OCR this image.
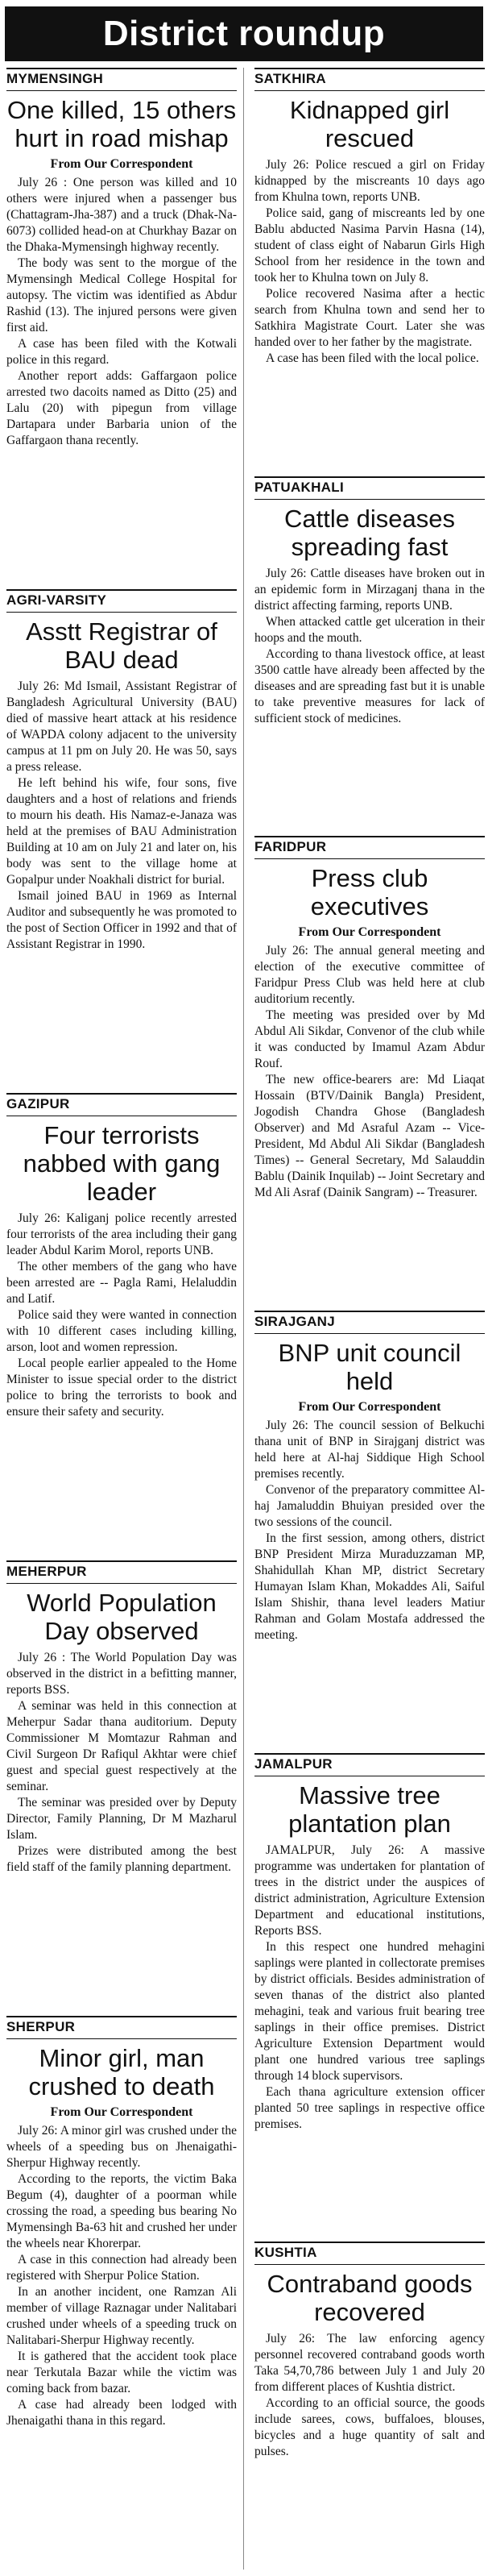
District roundup
MYMENSINGH
One killed, 15 others hurt in road mishap
From Our Correspondent

July 26 : One person was killed and 10 others were injured when a passenger bus (Chattagram-Jha-387) and a truck (Dhak-Na-6073) collided head-on at Churkhay Bazar on the Dhaka-Mymensingh highway recently.

The body was sent to the morgue of the Mymensingh Medical College Hospital for autopsy. The victim was identified as Abdur Rashid (13). The injured persons were given first aid.

A case has been filed with the Kotwali police in this regard.

Another report adds: Gaffargaon police arrested two dacoits named as Ditto (25) and Lalu (20) with pipegun from village Dartapara under Barbaria union of the Gaffargaon thana recently.

AGRI-VARSITY
Asstt Registrar of BAU dead

July 26: Md Ismail, Assistant Registrar of Bangladesh Agricultural University (BAU) died of massive heart attack at his residence of WAPDA colony adjacent to the university campus at 11 pm on July 20. He was 50, says a press release.

He left behind his wife, four sons, five daughters and a host of relations and friends to mourn his death. His Namaz-e-Janaza was held at the premises of BAU Administration Building at 10 am on July 21 and later on, his body was sent to the village home at Gopalpur under Noakhali district for burial.

Ismail joined BAU in 1969 as Internal Auditor and subsequently he was promoted to the post of Section Officer in 1992 and that of Assistant Registrar in 1990.

GAZIPUR
Four terrorists nabbed with gang leader

July 26: Kaliganj police recently arrested four terrorists of the area including their gang leader Abdul Karim Morol, reports UNB.

The other members of the gang who have been arrested are -- Pagla Rami, Helaluddin and Latif.

Police said they were wanted in connection with 10 different cases including killing, arson, loot and women repression.

Local people earlier appealed to the Home Minister to issue special order to the district police to bring the terrorists to book and ensure their safety and security.

MEHERPUR
World Population Day observed

July 26 : The World Population Day was observed in the district in a befitting manner, reports BSS.

A seminar was held in this connection at Meherpur Sadar thana auditorium. Deputy Commissioner M Momtazur Rahman and Civil Surgeon Dr Rafiqul Akhtar were chief guest and special guest respectively at the seminar.

The seminar was presided over by Deputy Director, Family Planning, Dr M Mazharul Islam.

Prizes were distributed among the best field staff of the family planning department.

SHERPUR
Minor girl, man crushed to death
From Our Correspondent

July 26: A minor girl was crushed under the wheels of a speeding bus on Jhenaigathi-Sherpur Highway recently.

According to the reports, the victim Baka Begum (4), daughter of a poorman while crossing the road, a speeding bus bearing No Mymensingh Ba-63 hit and crushed her under the wheels near Khorerpar.

A case in this connection had already been registered with Sherpur Police Station.

In an another incident, one Ramzan Ali member of village Raznagar under Nalitabari crushed under wheels of a speeding truck on Nalitabari-Sherpur Highway recently.

It is gathered that the accident took place near Terkutala Bazar while the victim was coming back from bazar.

A case had already been lodged with Jhenaigathi thana in this regard.

SATKHIRA
Kidnapped girl rescued

July 26: Police rescued a girl on Friday kidnapped by the miscreants 10 days ago from Khulna town, reports UNB.

Police said, gang of miscreants led by one Bablu abducted Nasima Parvin Hasna (14), student of class eight of Nabarun Girls High School from her residence in the town and took her to Khulna town on July 8.

Police recovered Nasima after a hectic search from Khulna town and send her to Satkhira Magistrate Court. Later she was handed over to her father by the magistrate.

A case has been filed with the local police.

PATUAKHALI
Cattle diseases spreading fast

July 26: Cattle diseases have broken out in an epidemic form in Mirzaganj thana in the district affecting farming, reports UNB.

When attacked cattle get ulceration in their hoops and the mouth.

According to thana livestock office, at least 3500 cattle have already been affected by the diseases and are spreading fast but it is unable to take preventive measures for lack of sufficient stock of medicines.

FARIDPUR
Press club executives
From Our Correspondent

July 26: The annual general meeting and election of the executive committee of Faridpur Press Club was held here at club auditorium recently.

The meeting was presided over by Md Abdul Ali Sikdar, Convenor of the club while it was conducted by Imamul Azam Abdur Rouf.

The new office-bearers are: Md Liaqat Hossain (BTV/Dainik Bangla) President, Jogodish Chandra Ghose (Bangladesh Observer) and Md Asraful Azam -- Vice-President, Md Abdul Ali Sikdar (Bangladesh Times) -- General Secretary, Md Salauddin Bablu (Dainik Inquilab) -- Joint Secretary and Md Ali Asraf (Dainik Sangram) -- Treasurer.

SIRAJGANJ
BNP unit council held
From Our Correspondent

July 26: The council session of Belkuchi thana unit of BNP in Sirajganj district was held here at Al-haj Siddique High School premises recently.

Convenor of the preparatory committee Al-haj Jamaluddin Bhuiyan presided over the two sessions of the council.

In the first session, among others, district BNP President Mirza Muraduzzaman MP, Shahidullah Khan MP, district Secretary Humayan Islam Khan, Mokaddes Ali, Saiful Islam Shishir, thana level leaders Matiur Rahman and Golam Mostafa addressed the meeting.

JAMALPUR
Massive tree plantation plan

JAMALPUR, July 26: A massive programme was undertaken for plantation of trees in the district under the auspices of district administration, Agriculture Extension Department and educational institutions, Reports BSS.

In this respect one hundred mehagini saplings were planted in collectorate premises by district officials. Besides administration of seven thanas of the district also planted mehagini, teak and various fruit bearing tree saplings in their office premises. District Agriculture Extension Department would plant one hundred various tree saplings through 14 block supervisors.

Each thana agriculture extension officer planted 50 tree saplings in respective office premises.

KUSHTIA
Contraband goods recovered

July 26: The law enforcing agency personnel recovered contraband goods worth Taka 54,70,786 between July 1 and July 20 from different places of Kushtia district.

According to an official source, the goods include sarees, cows, buffaloes, blouses, bicycles and a huge quantity of salt and pulses.
